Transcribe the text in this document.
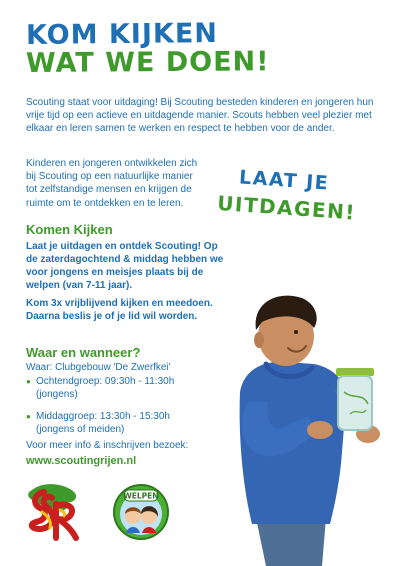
KOM KIJKEN
WAT WE DOEN!

Scouting staat voor uitdaging! Bij Scouting besteden kinderen en jongeren hun vrije tijd op een actieve en uitdagende manier. Scouts hebben veel plezier met elkaar en leren samen te werken en respect te hebben voor de ander.

Kinderen en jongeren ontwikkelen zich bij Scouting op een natuurlijke manier tot zelfstandige mensen en krijgen de ruimte om te ontdekken en te leren.

LAAT JE
UITDAGEN!
Komen Kijken

Laat je uitdagen en ontdek Scouting! Op de zaterdagochtend & middag hebben we voor jongens en meisjes plaats bij de welpen (van 7-11 jaar).

Kom 3x vrijblijvend kijken en meedoen. Daarna beslis je of je lid wil worden.

Waar en wanneer?
Waar: Clubgebouw 'De Zwerfkei'
● Ochtendgroep: 09:30h - 11:30h
(jongens)
● Middaggroep: 13:30h - 15:30h
(jongens of meiden)
Voor meer info & inschrijven bezoek:
www.scoutingrijen.nl
WELPEN
